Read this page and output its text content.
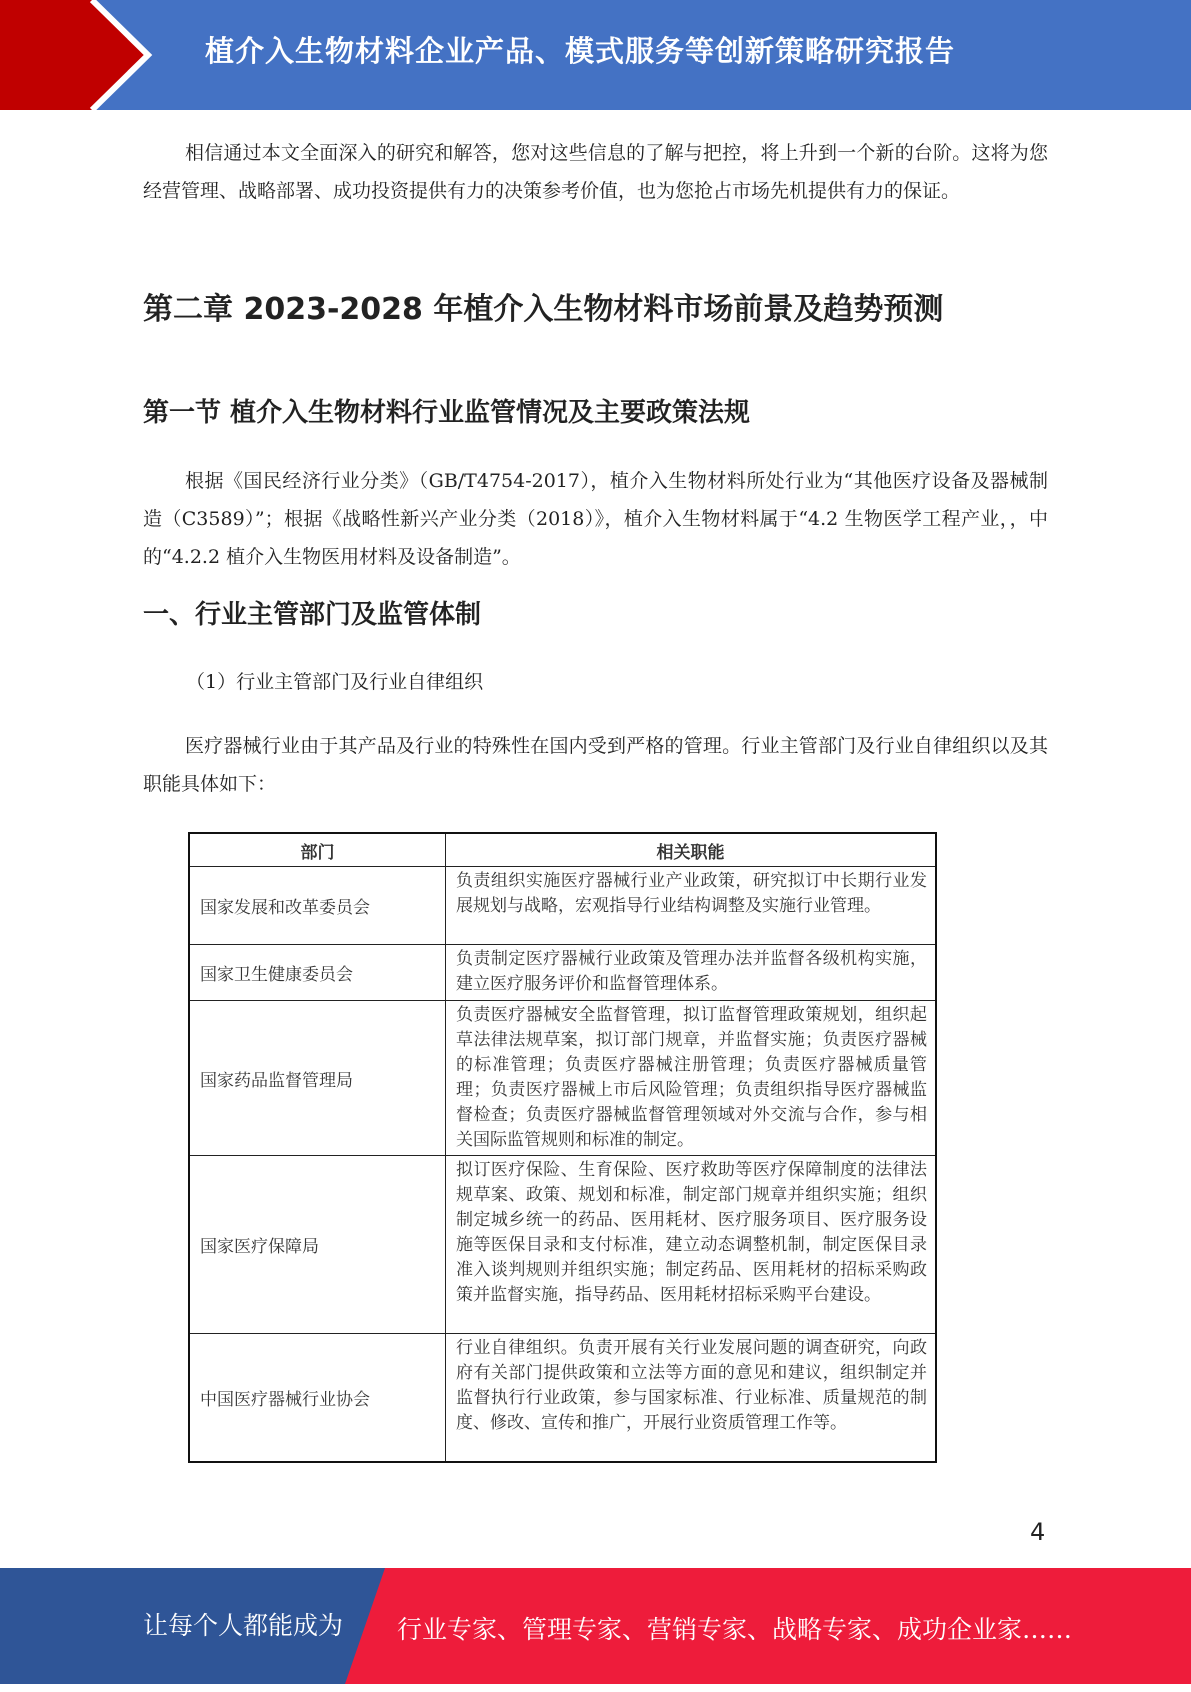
植介入生物材料企业产品、模式服务等创新策略研究报告

相信通过本文全面深入的研究和解答，您对这些信息的了解与把控，将上升到一个新的台阶。这将为您经营管理、战略部署、成功投资提供有力的决策参考价值，也为您抢占市场先机提供有力的保证。

第二章 2023-2028 年植介入生物材料市场前景及趋势预测
第一节 植介入生物材料行业监管情况及主要政策法规

根据《国民经济行业分类》（GB/T4754-2017），植介入生物材料所处行业为“其他医疗设备及器械制造（C3589）”；根据《战略性新兴产业分类（2018）》，植介入生物材料属于“4.2 生物医学工程产业，，中的“4.2.2 植介入生物医用材料及设备制造”。

一、行业主管部门及监管体制
（1）行业主管部门及行业自律组织

医疗器械行业由于其产品及行业的特殊性在国内受到严格的管理。行业主管部门及行业自律组织以及其职能具体如下：

部门	相关职能
国家发展和改革委员会	负责组织实施医疗器械行业产业政策，研究拟订中长期行业发展规划与战略，宏观指导行业结构调整及实施行业管理。
国家卫生健康委员会	负责制定医疗器械行业政策及管理办法并监督各级机构实施，建立医疗服务评价和监督管理体系。
国家药品监督管理局	负责医疗器械安全监督管理，拟订监督管理政策规划，组织起草法律法规草案，拟订部门规章，并监督实施；负责医疗器械的标准管理；负责医疗器械注册管理；负责医疗器械质量管理；负责医疗器械上市后风险管理；负责组织指导医疗器械监督检查；负责医疗器械监督管理领域对外交流与合作，参与相关国际监管规则和标准的制定。
国家医疗保障局	拟订医疗保险、生育保险、医疗救助等医疗保障制度的法律法规草案、政策、规划和标准，制定部门规章并组织实施；组织制定城乡统一的药品、医用耗材、医疗服务项目、医疗服务设施等医保目录和支付标准，建立动态调整机制，制定医保目录准入谈判规则并组织实施；制定药品、医用耗材的招标采购政策并监督实施，指导药品、医用耗材招标采购平台建设。
中国医疗器械行业协会	行业自律组织。负责开展有关行业发展问题的调查研究，向政府有关部门提供政策和立法等方面的意见和建议，组织制定并监督执行行业政策，参与国家标准、行业标准、质量规范的制度、修改、宣传和推广，开展行业资质管理工作等。
4
让每个人都能成为 行业专家、管理专家、营销专家、战略专家、成功企业家……
